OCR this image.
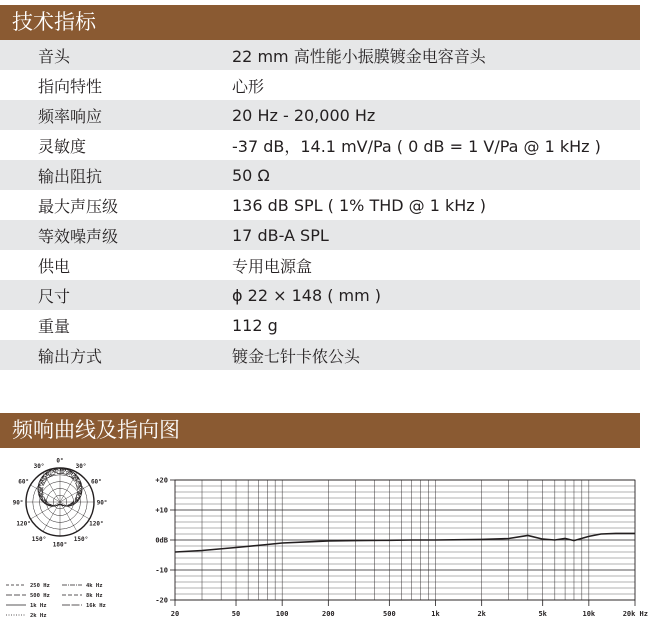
技术指标
音头	22 mm 高性能小振膜镀金电容音头
指向特性	心形
频率响应	20 Hz - 20,000 Hz
灵敏度	-37 dB，14.1 mV/Pa ( 0 dB = 1 V/Pa @ 1 kHz )
输出阻抗	50 Ω
最大声压级	136 dB SPL ( 1% THD @ 1 kHz )
等效噪声级	17 dB-A SPL
供电	专用电源盒
尺寸	ϕ 22 × 148 ( mm )
重量	112 g
输出方式	镀金七针卡侬公头
频响曲线及指向图
0°
30°	30°
60°	60°
90°	90°
120°	120°
150°	150°
180°
250 Hz
500 Hz
1k Hz
2k Hz
4k Hz
8k Hz
16k Hz
+20
+10
0dB
-10
-20
20	50	100	200	500	1k	2k	5k	10k	20k Hz
